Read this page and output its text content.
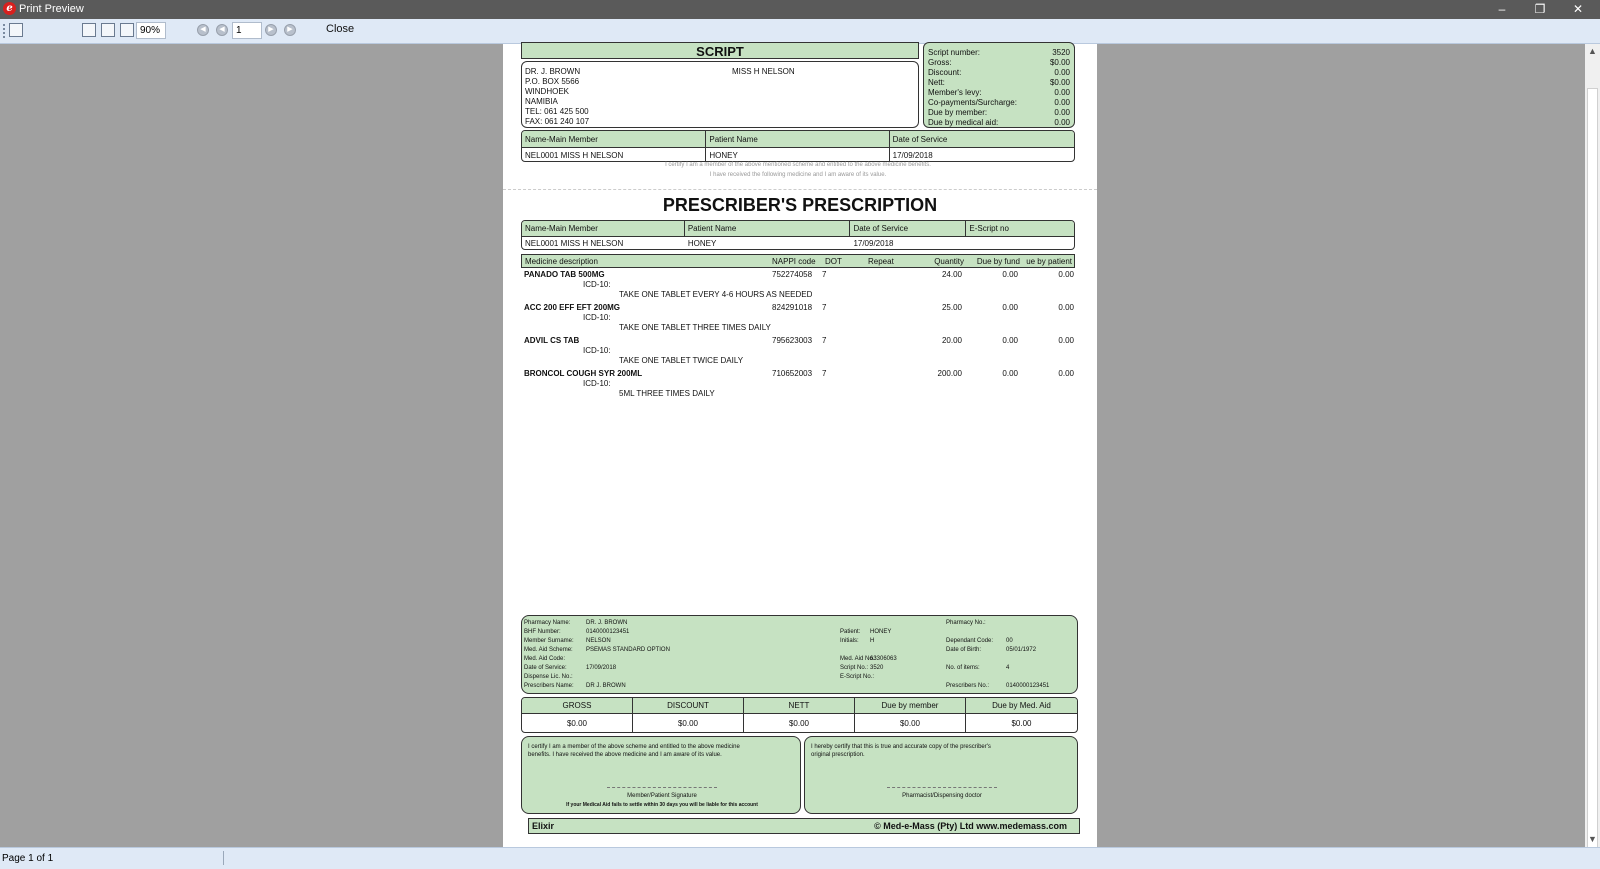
e Print Preview	–	❐	✕
90%	◀	◀	1	▶	▶	Close
SCRIPT
DR. J. BROWN
P.O. BOX 5566
WINDHOEK
NAMIBIA
TEL: 061 425 500
FAX: 061 240 107
MISS H NELSON
Script number:	3520
Gross:	$0.00
Discount:	0.00
Nett:	$0.00
Member's levy:	0.00
Co-payments/Surcharge:	0.00
Due by member:	0.00
Due by medical aid:	0.00
Name-Main Member	Patient Name	Date of Service
NEL0001 MISS H NELSON	HONEY	17/09/2018
I certify I am a member of the above mentioned scheme and entitled to the above medicine benefits.
I have received the following medicine and I am aware of its value.
PRESCRIBER'S PRESCRIPTION
Name-Main Member	Patient Name	Date of Service	E-Script no
NEL0001 MISS H NELSON	HONEY	17/09/2018
Medicine description	NAPPI code DOT	Repeat	Quantity Due by fund ue by patient
PANADO TAB 500MG	752274058 7	24.00	0.00	0.00
ICD-10:
TAKE ONE TABLET EVERY 4-6 HOURS AS NEEDED
ACC 200 EFF EFT 200MG	824291018 7	25.00	0.00	0.00
ICD-10:
TAKE ONE TABLET THREE TIMES DAILY
ADVIL CS TAB	795623003 7	20.00	0.00	0.00
ICD-10:
TAKE ONE TABLET TWICE DAILY
BRONCOL COUGH SYR 200ML	710652003 7	200.00	0.00	0.00
ICD-10:
5ML THREE TIMES DAILY
Pharmacy Name:	DR. J. BROWN
BHF Number:	0140000123451
Member Surname: NELSON
Med. Aid Scheme: PSEMAS STANDARD OPTION
Med. Aid Code:
Date of Service:	17/09/2018
Dispense Lic. No.:
Prescribers Name: DR J. BROWN
Patient: HONEY
Initials: H
Med. Aid No.:
63306063
Script No.: 3520
E-Script No.:
Pharmacy No.:
Dependant Code: 00
Date of Birth:	05/01/1972
No. of items:	4
Prescribers No.:	0140000123451
GROSS	DISCOUNT	NETT	Due by member	Due by Med. Aid
$0.00	$0.00	$0.00	$0.00	$0.00
I certify I am a member of the above scheme and entitled to the above medicine benefits. I have received the above medicine and I am aware of its value.
Member/Patient Signature
If your Medical Aid fails to settle within 30 days you will be liable for this account
I hereby certify that this is true and accurate copy of the prescriber's original prescription.
Pharmacist/Dispensing doctor
Elixir	© Med-e-Mass (Pty) Ltd www.medemass.com
▲
▼
Page 1 of 1
